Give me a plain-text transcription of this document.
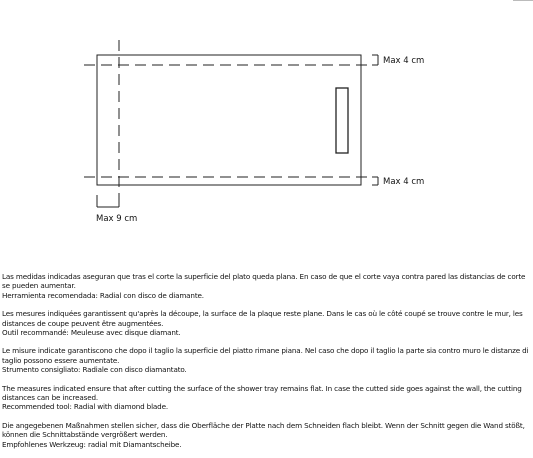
Max 4 cm
Max 4 cm
Max 9 cm

Las medidas indicadas aseguran que tras el corte la superficie del plato queda plana. En caso de que el corte vaya contra pared las distancias de corte se pueden aumentar.

Herramienta recomendada: Radial con disco de diamante.

Les mesures indiquées garantissent qu'après la découpe, la surface de la plaque reste plane. Dans le cas où le côté coupé se trouve contre le mur, les distances de coupe peuvent être augmentées.

Outil recommandé: Meuleuse avec disque diamant.

Le misure indicate garantiscono che dopo il taglio la superficie del piatto rimane piana. Nel caso che dopo il taglio la parte sia contro muro le distanze di taglio possono essere aumentate.

Strumento consigliato: Radiale con disco diamantato.

The measures indicated ensure that after cutting the surface of the shower tray remains flat. In case the cutted side goes against the wall, the cutting distances can be increased.

Recommended tool: Radial with diamond blade.

Die angegebenen Maßnahmen stellen sicher, dass die Oberfläche der Platte nach dem Schneiden flach bleibt. Wenn der Schnitt gegen die Wand stößt, können die Schnittabstände vergrößert werden.

Empfohlenes Werkzeug: radial mit Diamantscheibe.
